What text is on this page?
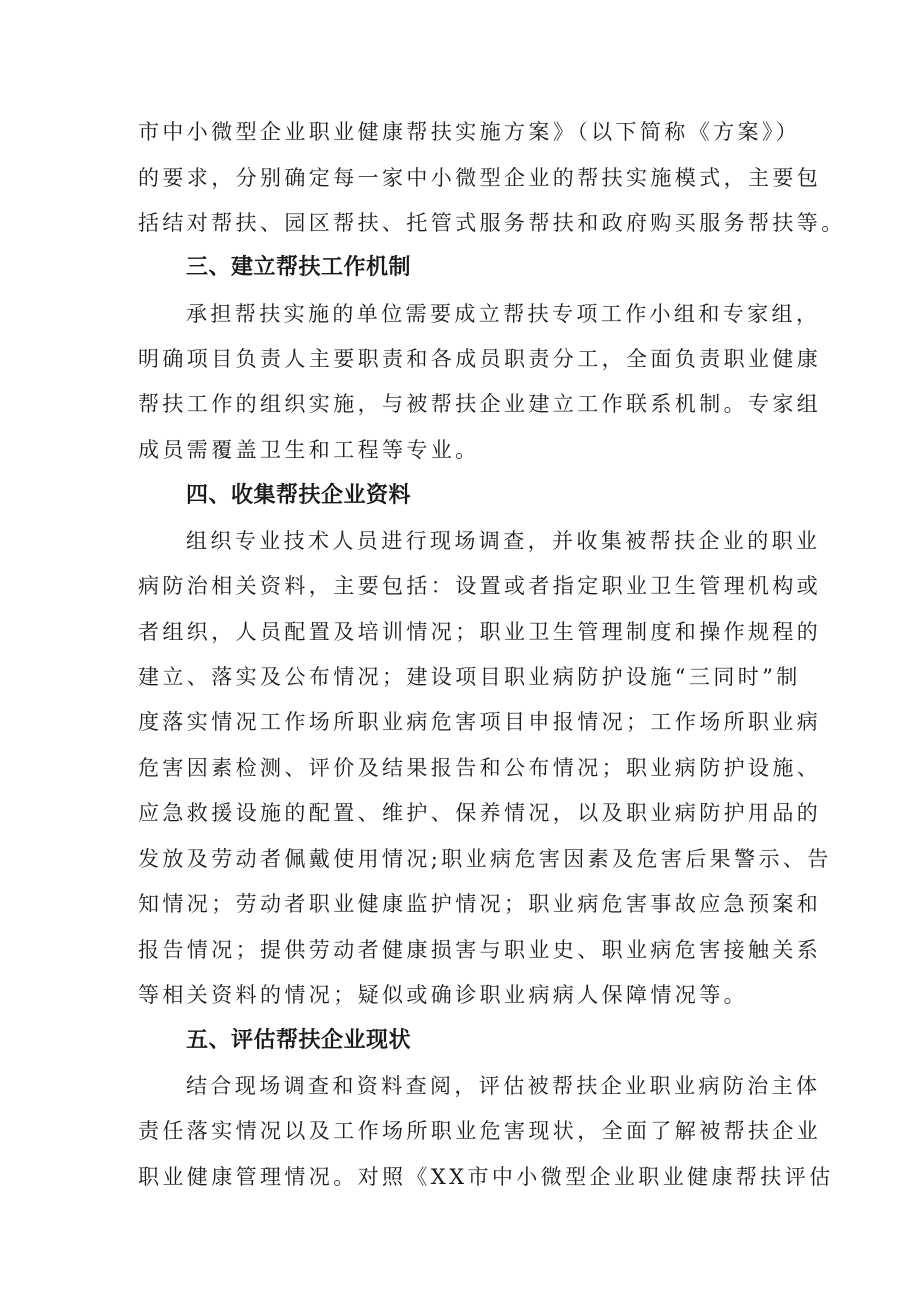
市中小微型企业职业健康帮扶实施方案》（以下简称《方案》）
的要求，分别确定每一家中小微型企业的帮扶实施模式，主要包
括结对帮扶、园区帮扶、托管式服务帮扶和政府购买服务帮扶等。
三、建立帮扶工作机制
承担帮扶实施的单位需要成立帮扶专项工作小组和专家组，
明确项目负责人主要职责和各成员职责分工，全面负责职业健康
帮扶工作的组织实施，与被帮扶企业建立工作联系机制。专家组
成员需覆盖卫生和工程等专业。
四、收集帮扶企业资料
组织专业技术人员进行现场调查，并收集被帮扶企业的职业
病防治相关资料，主要包括：设置或者指定职业卫生管理机构或
者组织，人员配置及培训情况；职业卫生管理制度和操作规程的
建立、落实及公布情况；建设项目职业病防护设施“三同时”制
度落实情况工作场所职业病危害项目申报情况；工作场所职业病
危害因素检测、评价及结果报告和公布情况；职业病防护设施、
应急救援设施的配置、维护、保养情况，以及职业病防护用品的
发放及劳动者佩戴使用情况;职业病危害因素及危害后果警示、告
知情况；劳动者职业健康监护情况；职业病危害事故应急预案和
报告情况；提供劳动者健康损害与职业史、职业病危害接触关系
等相关资料的情况；疑似或确诊职业病病人保障情况等。
五、评估帮扶企业现状
结合现场调查和资料查阅，评估被帮扶企业职业病防治主体
责任落实情况以及工作场所职业危害现状，全面了解被帮扶企业
职业健康管理情况。对照《XX市中小微型企业职业健康帮扶评估
